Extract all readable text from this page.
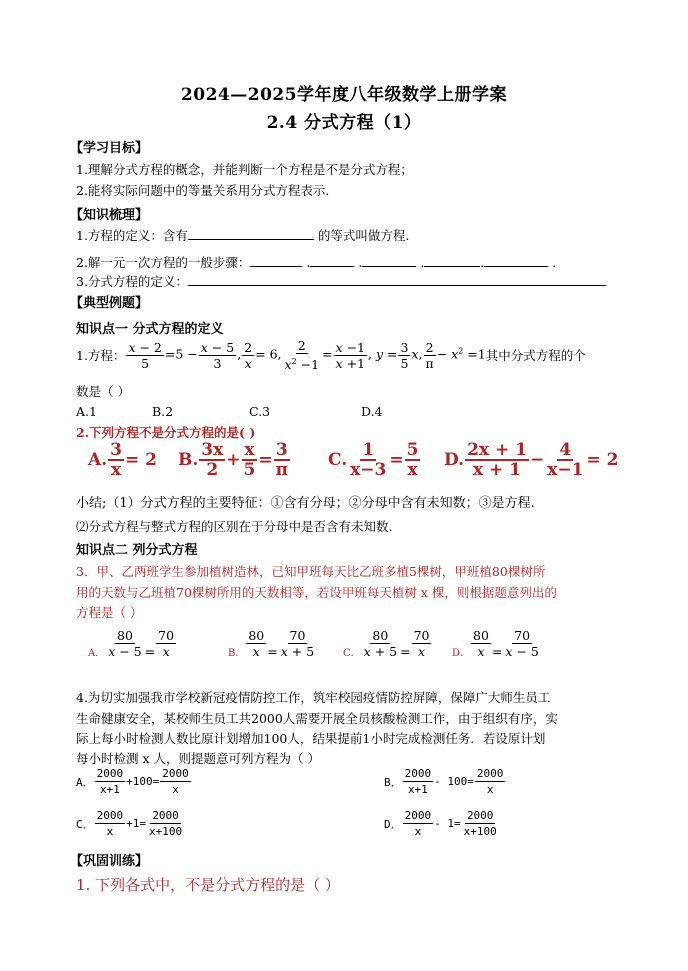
2024—2025学年度八年级数学上册学案
2.4 分式方程（1）
【学习目标】
1.理解分式方程的概念，并能判断一个方程是不是分式方程；
2.能将实际问题中的等量关系用分式方程表示.
【知识梳理】
1.方程的定义：含有	的等式叫做方程.
2.解一元一次方程的一般步骤：	.	.	.	.	.
3.分式方程的定义：
【典型例题】
知识点一 分式方程的定义
1.方程： $\frac{x - 2}{5} =5 - \frac{x - 5}{3}$ , $\frac{2}{x} = 6$, $\frac{2}{x^2 -1} = \frac{x -1}{x +1}$ , $y = \frac{3}{5} x$, $\frac{2}{\pi} - x^2 =1$ 其中分式方程的个
数是（ ）
A.1	B.2	C.3	D.4
2.下列方程不是分式方程的是( )
A. $\frac{3}{x} = 2$ B. $\frac{3x}{2} + \frac{x}{5} = \frac{3}{\pi} C$. $\frac{1}{x-3} = \frac{5}{x} D$. $\frac{2x + 1}{x + 1} - \frac{4}{x-1} = 2$
小结;（1）分式方程的主要特征：①含有分母；②分母中含有未知数；③是方程.
⑵分式方程与整式方程的区别在于分母中是否含有未知数.
知识点二 列分式方程
3．甲、乙两班学生参加植树造林，已知甲班每天比乙班多植5棵树，甲班植80棵树所
用的天数与乙班植70棵树所用的天数相等，若设甲班每天植树 x 棵，则根据题意列出的
方程是（ ）
A． $\frac{80}{x - 5} = \frac{70}{x}$	B． $\frac{80}{x} = \frac{70}{x + 5}$	C． $\frac{80}{x + 5} = \frac{70}{x}$ D． $\frac{80}{x} = \frac{70}{x - 5}$
4.为切实加强我市学校新冠疫情防控工作，筑牢校园疫情防控屏障，保障广大师生员工
生命健康安全，某校师生员工共2000人需要开展全员核酸检测工作，由于组织有序，实
际上每小时检测人数比原计划增加100人，结果提前1小时完成检测任务．若设原计划
每小时检测 x 人，则提题意可列方程为（ ）
A． $\frac{2000}{x+1} +100= \frac{2000}{x}$	B． $\frac{2000}{x+1} - 100= \frac{2000}{x}$
C． $\frac{2000}{x} +1= \frac{2000}{x+100}$	D． $\frac{2000}{x} - 1= \frac{2000}{x+100}$
【巩固训练】
1. 下列各式中，不是分式方程的是（ ）
